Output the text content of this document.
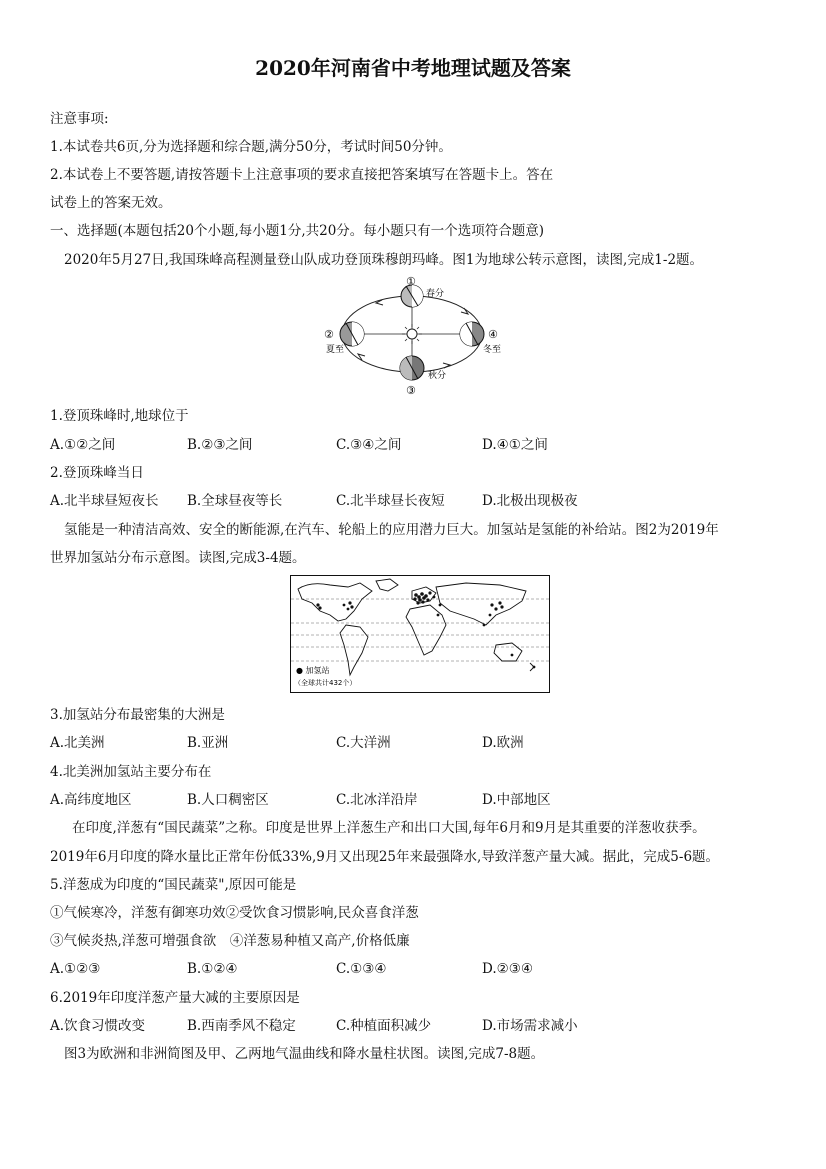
2020年河南省中考地理试题及答案
注意事项:
1.本试卷共6页,分为选择题和综合题,满分50分，考试时间50分钟。
2.本试卷上不要答题,请按答题卡上注意事项的要求直接把答案填写在答题卡上。答在
试卷上的答案无效。
一、选择题(本题包括20个小题,每小题1分,共20分。每小题只有一个选项符合题意)
2020年5月27日,我国珠峰高程测量登山队成功登顶珠穆朗玛峰。图1为地球公转示意图，读图,完成1-2题。
①
春分
②
夏至
④
冬至
秋分
③
1.登顶珠峰时,地球位于
A.①②之间	B.②③之间	C.③④之间	D.④①之间
2.登顶珠峰当日
A.北半球昼短夜长 B.全球昼夜等长	C.北半球昼长夜短	D.北极出现极夜
氢能是一种清洁高效、安全的断能源,在汽车、轮船上的应用潜力巨大。加氢站是氢能的补给站。图2为2019年
世界加氢站分布示意图。读图,完成3-4题。
● 加氢站
（全球共计432个）
3.加氢站分布最密集的大洲是
A.北美洲	B.亚洲	C.大洋洲	D.欧洲
4.北美洲加氢站主要分布在
A.高纬度地区	B.人口稠密区	C.北冰洋沿岸	D.中部地区
在印度,洋葱有“国民蔬菜”之称。印度是世界上洋葱生产和出口大国,每年6月和9月是其重要的洋葱收获季。
2019年6月印度的降水量比正常年份低33%,9月又出现25年来最强降水,导致洋葱产量大减。据此，完成5-6题。
5.洋葱成为印度的“国民蔬菜",原因可能是
①气候寒冷，洋葱有御寒功效②受饮食习惯影响,民众喜食洋葱
③气候炎热,洋葱可增强食欲　④洋葱易种植又高产,价格低廉
A.①②③	B.①②④	C.①③④	D.②③④
6.2019年印度洋葱产量大减的主要原因是
A.饮食习惯改变	B.西南季风不稳定	C.种植面积减少	D.市场需求减小
图3为欧洲和非洲简图及甲、乙两地气温曲线和降水量柱状图。读图,完成7-8题。
